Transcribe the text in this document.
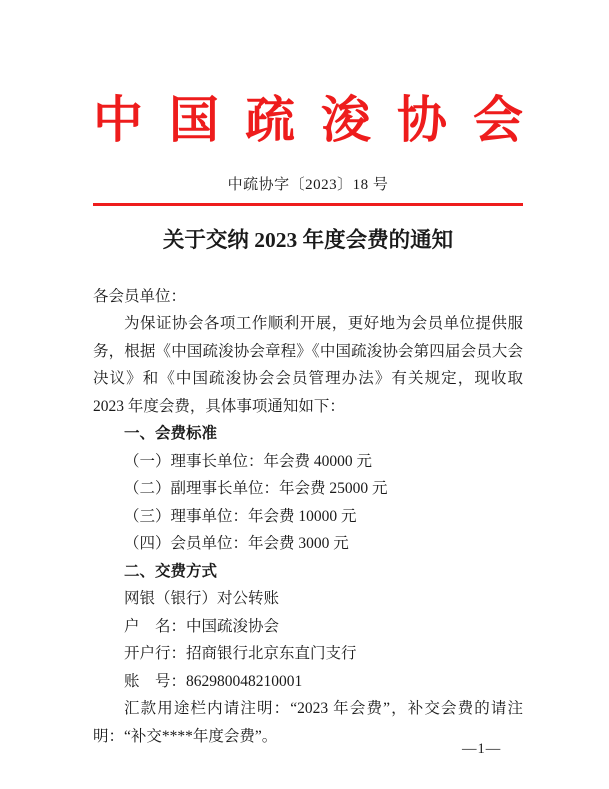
中 国 疏 浚 协 会
中疏协字〔2023〕18 号
关于交纳 2023 年度会费的通知

各会员单位：

为保证协会各项工作顺利开展，更好地为会员单位提供服务，根据《中国疏浚协会章程》《中国疏浚协会第四届会员大会决议》和《中国疏浚协会会员管理办法》有关规定，现收取 2023 年度会费，具体事项通知如下：

一、会费标准

（一）理事长单位：年会费 40000 元

（二）副理事长单位：年会费 25000 元

（三）理事单位：年会费 10000 元

（四）会员单位：年会费 3000 元

二、交费方式

网银（银行）对公转账

户　名：中国疏浚协会

开户行：招商银行北京东直门支行

账　号：862980048210001

汇款用途栏内请注明：“2023 年会费”，补交会费的请注明：“补交****年度会费”。

—1—
